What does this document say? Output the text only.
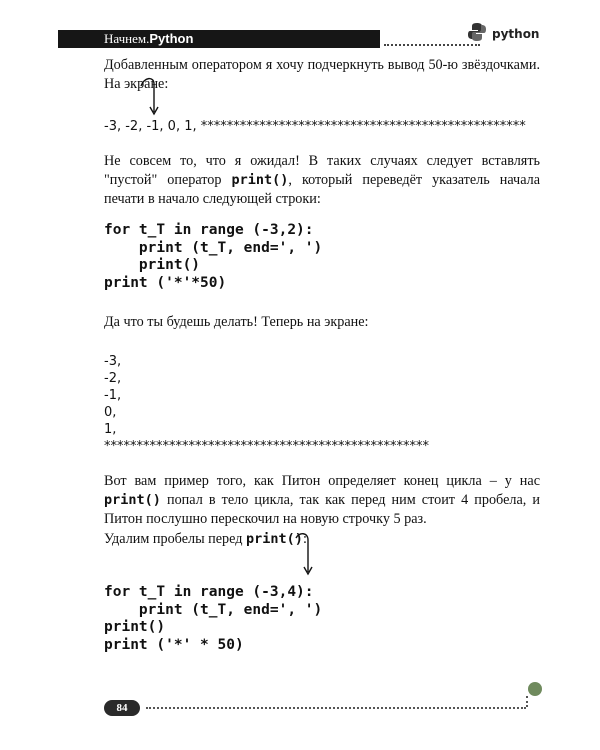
Начнем.Python	python

Добавленным оператором я хочу подчеркнуть вывод 50-ю звёздочками. На экране:

-3, -2, -1, 0, 1, **************************************************

Не совсем то, что я ожидал! В таких случаях следует вставлять "пустой" оператор print(), который переведёт указатель начала печати в начало следующей строки:

for t_T in range (-3,2):
print (t_T, end=', ')
print()
print ('*'*50)

Да что ты будешь делать! Теперь на экране:

-3,
-2,
-1,
0,
1,
**************************************************

Вот вам пример того, как Питон определяет конец цикла – у нас print() попал в тело цикла, так как перед ним стоит 4 пробела, и Питон послушно перескочил на новую строчку 5 раз.

Удалим пробелы перед print():

for t_T in range (-3,4):
print (t_T, end=', ')
print()
print ('*' * 50)
84
